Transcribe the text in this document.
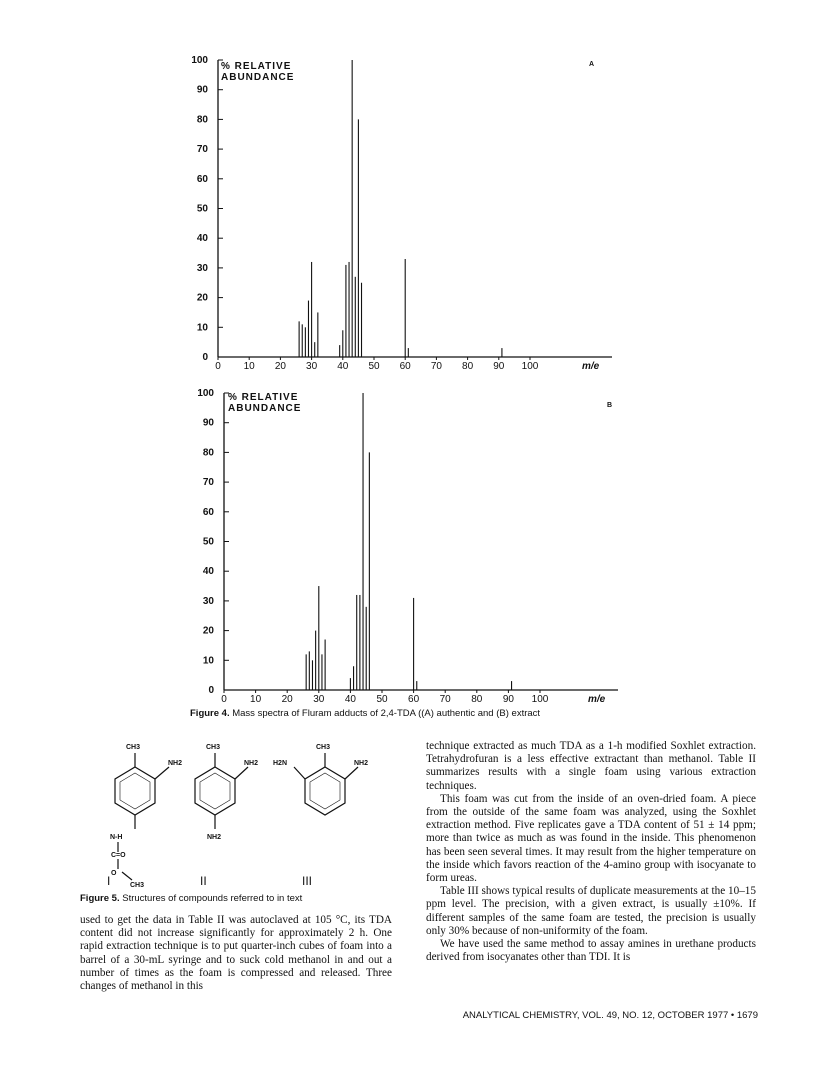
0
10
20
30
40
50
60
70
80
90
100
0 10 20 30 40 50 60 70 80 90 100	m/e
% RELATIVE
ABUNDANCE
A
0
10
20
30
40
50
60
70
80
90
100
0 10 20 30 40 50 60 70 80 90 100	m/e
% RELATIVE
ABUNDANCE	B
Figure 4. Mass spectra of Fluram adducts of 2,4-TDA ((A) authentic and (B) extract
CH3
NH2
N-H
C=O
O
CH3
CH3
NH2
NH2
CH3
NH2
H2N
I	II	III
Figure 5. Structures of compounds referred to in text

used to get the data in Table II was autoclaved at 105 °C, its TDA content did not increase significantly for approximately 2 h. One rapid extraction technique is to put quarter-inch cubes of foam into a barrel of a 30-mL syringe and to suck cold methanol in and out a number of times as the foam is compressed and released. Three changes of methanol in this

technique extracted as much TDA as a 1-h modified Soxhlet extraction. Tetrahydrofuran is a less effective extractant than methanol. Table II summarizes results with a single foam using various extraction techniques.

This foam was cut from the inside of an oven-dried foam. A piece from the outside of the same foam was analyzed, using the Soxhlet extraction method. Five replicates gave a TDA content of 51 ± 14 ppm; more than twice as much as was found in the inside. This phenomenon has been seen several times. It may result from the higher temperature on the inside which favors reaction of the 4-amino group with isocyanate to form ureas.

Table III shows typical results of duplicate measurements at the 10–15 ppm level. The precision, with a given extract, is usually ±10%. If different samples of the same foam are tested, the precision is usually only 30% because of non-uniformity of the foam.

We have used the same method to assay amines in urethane products derived from isocyanates other than TDI. It is

ANALYTICAL CHEMISTRY, VOL. 49, NO. 12, OCTOBER 1977 • 1679
